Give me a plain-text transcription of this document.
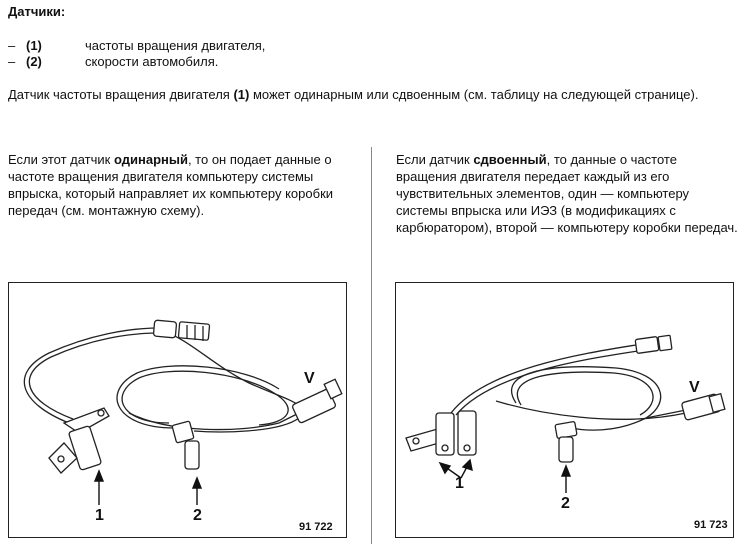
Датчики:
– (1)	частоты вращения двигателя,
– (2)	скорости автомобиля.
Датчик частоты вращения двигателя (1) может одинарным или сдвоенным (см. таблицу на следующей странице).
Если этот датчик одинарный, то он подает данные о частоте вращения двигателя компьютеру системы впрыска, который направляет их компьютеру коробки передач (см. монтажную схему).
Если датчик сдвоенный, то данные о частоте вращения двигателя передает каждый из его чувствительных элементов, один — компьютеру системы впрыска или ИЭЗ (в модификациях с карбюратором), второй — компьютеру коробки передач.
V
1	2
91 722
V
1
2
91 723
